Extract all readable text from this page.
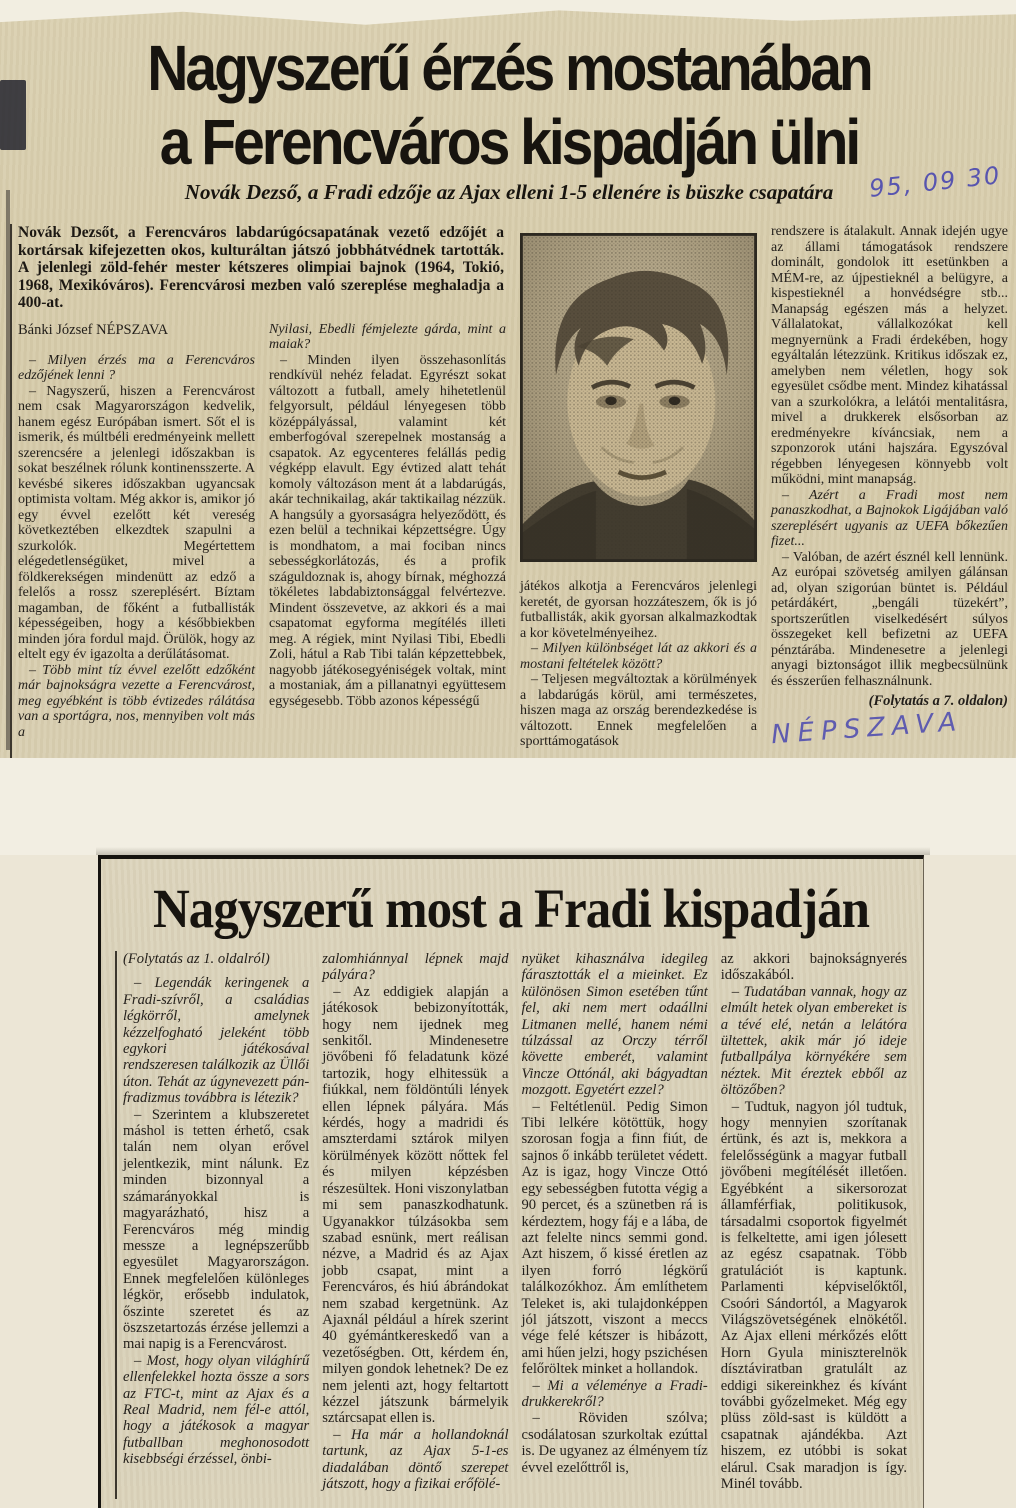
Nagyszerű érzés mostanában
a Ferencváros kispadján ülni
Novák Dezső, a Fradi edzője az Ajax elleni 1-5 ellenére is büszke csapatára	95, 09 30
Novák Dezsőt, a Ferencváros labdarúgócsapatának vezető edzőjét a kortársak kifejezetten okos, kulturáltan játszó jobbhátvédnek tartották. A jelenlegi zöld-fehér mester kétszeres olimpiai bajnok (1964, Tokió, 1968, Mexikóváros). Ferencvárosi mezben való szereplése meghaladja a 400-at.
Bánki József NÉPSZAVA	Nyilasi, Ebedli fémjelezte gárda, mint a maiak?

– Milyen érzés ma a Ferencváros edzőjének lenni ?

– Nagyszerű, hiszen a Ferencvárost nem csak Magyarországon kedvelik, hanem egész Európában ismert. Sőt el is ismerik, és múltbéli eredményeink mellett szerencsére a jelenlegi időszakban is sokat beszélnek rólunk kontinensszerte. A kevésbé sikeres időszakban ugyancsak optimista voltam. Még akkor is, amikor jó egy évvel ezelőtt két vereség következtében elkezdtek szapulni a szurkolók. Megértettem elégedetlenségüket, mivel a földkerekségen mindenütt az edző a felelős a rossz szereplésért. Bíztam magamban, de főként a futballisták képességeiben, hogy a későbbiekben minden jóra fordul majd. Örülök, hogy az eltelt egy év igazolta a derűlátásomat.

– Több mint tíz évvel ezelőtt edzőként már bajnokságra vezette a Ferencvárost, meg egyébként is több évtizedes rálátása van a sportágra, nos, mennyiben volt más a

– Minden ilyen összehasonlítás rendkívül nehéz feladat. Egyrészt sokat változott a futball, amely hihetetlenül felgyorsult, például lényegesen több középpályással, valamint két emberfogóval szerepelnek mostanság a csapatok. Az egycenteres felállás pedig végképp elavult. Egy évtized alatt tehát komoly változáson ment át a labdarúgás, akár technikailag, akár taktikailag nézzük. A hangsúly a gyorsaságra helyeződött, és ezen belül a technikai képzettségre. Úgy is mondhatom, a mai fociban nincs sebességkorlátozás, és a profik száguldoznak is, ahogy bírnak, méghozzá tökéletes labdabiztonsággal felvértezve. Mindent összevetve, az akkori és a mai csapatomat egyforma megítélés illeti meg. A régiek, mint Nyilasi Tibi, Ebedli Zoli, hátul a Rab Tibi talán képzettebbek, nagyobb játékosegyéniségek voltak, mint a mostaniak, ám a pillanatnyi együttesem egységesebb. Több azonos képességű

játékos alkotja a Ferencváros jelenlegi keretét, de gyorsan hozzáteszem, ők is jó futballisták, akik gyorsan alkalmazkodtak a kor követelményeihez.

– Milyen különbséget lát az akkori és a mostani feltételek között?

– Teljesen megváltoztak a körülmények a labdarúgás körül, ami természetes, hiszen maga az ország berendezkedése is változott. Ennek megfelelően a sporttámogatások

rendszere is átalakult. Annak idején ugye az állami támogatások rendszere dominált, gondolok itt esetünkben a MÉM-re, az újpestieknél a belügyre, a kispestieknél a honvédségre stb... Manapság egészen más a helyzet. Vállalatokat, vállalkozókat kell megnyernünk a Fradi érdekében, hogy egyáltalán létezzünk. Kritikus időszak ez, amelyben nem véletlen, hogy sok egyesület csődbe ment. Mindez kihatással van a szurkolókra, a lelátói mentalitásra, mivel a drukkerek elsősorban az eredményekre kíváncsiak, nem a szponzorok utáni hajszára. Egyszóval régebben lényegesen könnyebb volt működni, mint manapság.

– Azért a Fradi most nem panaszkodhat, a Bajnokok Ligájában való szereplésért ugyanis az UEFA bőkezűen fizet...

– Valóban, de azért észnél kell lennünk. Az európai szövetség amilyen gálánsan ad, olyan szigorúan büntet is. Például petárdákért, „bengáli tüzekért”, sportszerűtlen viselkedésért súlyos összegeket kell befizetni az UEFA pénztárába. Mindenesetre a jelenlegi anyagi biztonságot illik megbecsülnünk és ésszerűen felhasználnunk.

(Folytatás a 7. oldalon)
NÉPSZAVA
Nagyszerű most a Fradi kispadján
(Folytatás az 1. oldalról)

– Legendák keringenek a Fradi-szívről, a családias légkörről, amelynek kézzelfogható jeleként több egykori játékosával rendszeresen találkozik az Üllői úton. Tehát az úgynevezett pán-fradizmus továbbra is létezik?

– Szerintem a klubszeretet máshol is tetten érhető, csak talán nem olyan erővel jelentkezik, mint nálunk. Ez minden bizonnyal a számarányokkal is magyarázható, hisz a Ferencváros még mindig messze a legnépszerűbb egyesület Magyarországon. Ennek megfelelően különleges légkör, erősebb indulatok, őszinte szeretet és az öszszetartozás érzése jellemzi a mai napig is a Ferencvárost.

– Most, hogy olyan világhírű ellenfelekkel hozta össze a sors az FTC-t, mint az Ajax és a Real Madrid, nem fél-e attól, hogy a játékosok a magyar futballban meghonosodott kisebbségi érzéssel, önbi-

zalomhiánnyal lépnek majd pályára?

– Az eddigiek alapján a játékosok bebizonyították, hogy nem ijednek meg senkitől. Mindenesetre jövőbeni fő feladatunk közé tartozik, hogy elhitessük a fiúkkal, nem földöntúli lények ellen lépnek pályára. Más kérdés, hogy a madridi és amszterdami sztárok milyen körülmények között nőttek fel és milyen képzésben részesültek. Honi viszonylatban mi sem panaszkodhatunk. Ugyanakkor túlzásokba sem szabad esnünk, mert reálisan nézve, a Madrid és az Ajax jobb csapat, mint a Ferencváros, és hiú ábrándokat nem szabad kergetnünk. Az Ajaxnál például a hírek szerint 40 gyémántkereskedő van a vezetőségben. Ott, kérdem én, milyen gondok lehetnek? De ez nem jelenti azt, hogy feltartott kézzel játszunk bármelyik sztárcsapat ellen is.

– Ha már a hollandoknál tartunk, az Ajax 5-1-es diadalában döntő szerepet játszott, hogy a fizikai erőfölé-

nyüket kihasználva idegileg fárasztották el a mieinket. Ez különösen Simon esetében tűnt fel, aki nem mert odaállni Litmanen mellé, hanem némi túlzással az Orczy térről követte emberét, valamint Vincze Ottónál, aki bágyadtan mozgott. Egyetért ezzel?

– Feltétlenül. Pedig Simon Tibi lelkére kötöttük, hogy szorosan fogja a finn fiút, de sajnos ő inkább területet védett. Az is igaz, hogy Vincze Ottó egy sebességben futotta végig a 90 percet, és a szünetben rá is kérdeztem, hogy fáj e a lába, de azt felelte nincs semmi gond. Azt hiszem, ő kissé éretlen az ilyen forró légkörű találkozókhoz. Ám említhetem Teleket is, aki tulajdonképpen jól játszott, viszont a meccs vége felé kétszer is hibázott, ami hűen jelzi, hogy pszichésen felőröltek minket a hollandok.

– Mi a véleménye a Fradi-drukkerekről?

– Röviden szólva; csodálatosan szurkoltak ezúttal is. De ugyanez az élményem tíz évvel ezelőttről is,

az akkori bajnokságnyerés időszakából.

– Tudatában vannak, hogy az elmúlt hetek olyan embereket is a tévé elé, netán a lelátóra ültettek, akik már jó ideje futballpálya környékére sem néztek. Mit éreztek ebből az öltözőben?

– Tudtuk, nagyon jól tudtuk, hogy mennyien szorítanak értünk, és azt is, mekkora a felelősségünk a magyar futball jövőbeni megítélését illetően. Egyébként a sikersorozat államférfiak, politikusok, társadalmi csoportok figyelmét is felkeltette, ami igen jólesett az egész csapatnak. Több gratulációt is kaptunk. Parlamenti képviselőktől, Csoóri Sándortól, a Magyarok Világszövetségének elnökétől. Az Ajax elleni mérkőzés előtt Horn Gyula miniszterelnök dísztáviratban gratulált az eddigi sikereinkhez és kívánt további győzelmeket. Még egy plüss zöld-sast is küldött a csapatnak ajándékba. Azt hiszem, ez utóbbi is sokat elárul. Csak maradjon is így. Minél tovább.
